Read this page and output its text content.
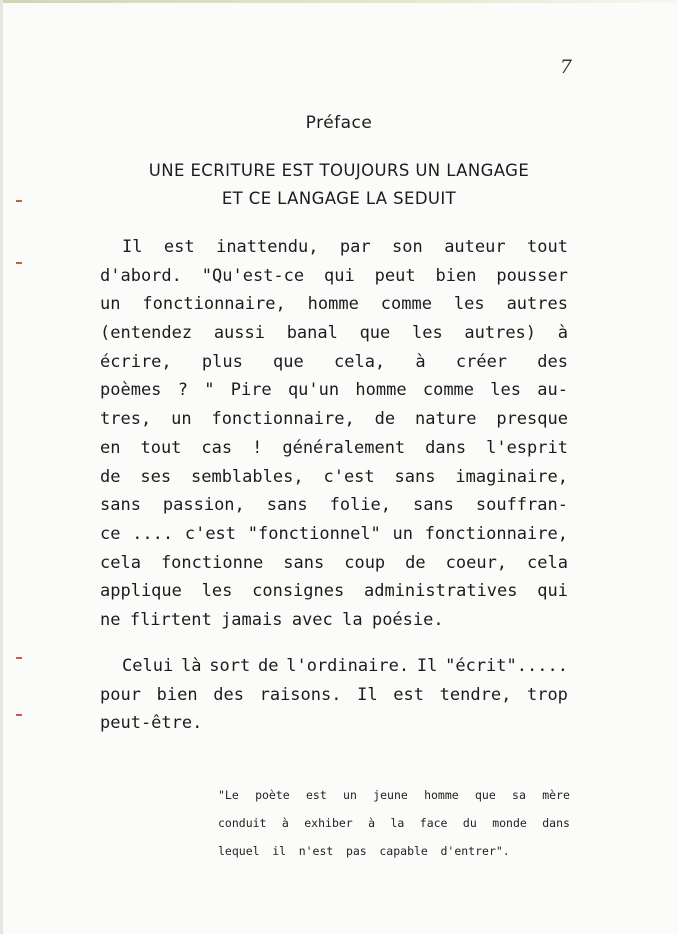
7
Préface
UNE ECRITURE EST TOUJOURS UN LANGAGE
ET CE LANGAGE LA SEDUIT
Il est inattendu, par son auteur tout
d'abord. "Qu'est-ce qui peut bien pousser
un fonctionnaire, homme comme les autres
(entendez aussi banal que les autres) à
écrire, plus que cela, à créer des
poèmes ? " Pire qu'un homme comme les au-
tres, un fonctionnaire, de nature presque
en tout cas ! généralement dans l'esprit
de ses semblables, c'est sans imaginaire,
sans passion, sans folie, sans souffran-
ce .... c'est "fonctionnel" un fonctionnaire,
cela fonctionne sans coup de coeur, cela
applique les consignes administratives qui
ne flirtent jamais avec la poésie.
Celui là sort de l'ordinaire. Il "écrit".....
pour bien des raisons. Il est tendre, trop
peut-être.
"Le poète est un jeune homme que sa mère
conduit à exhiber à la face du monde dans
lequel il n'est pas capable d'entrer".
